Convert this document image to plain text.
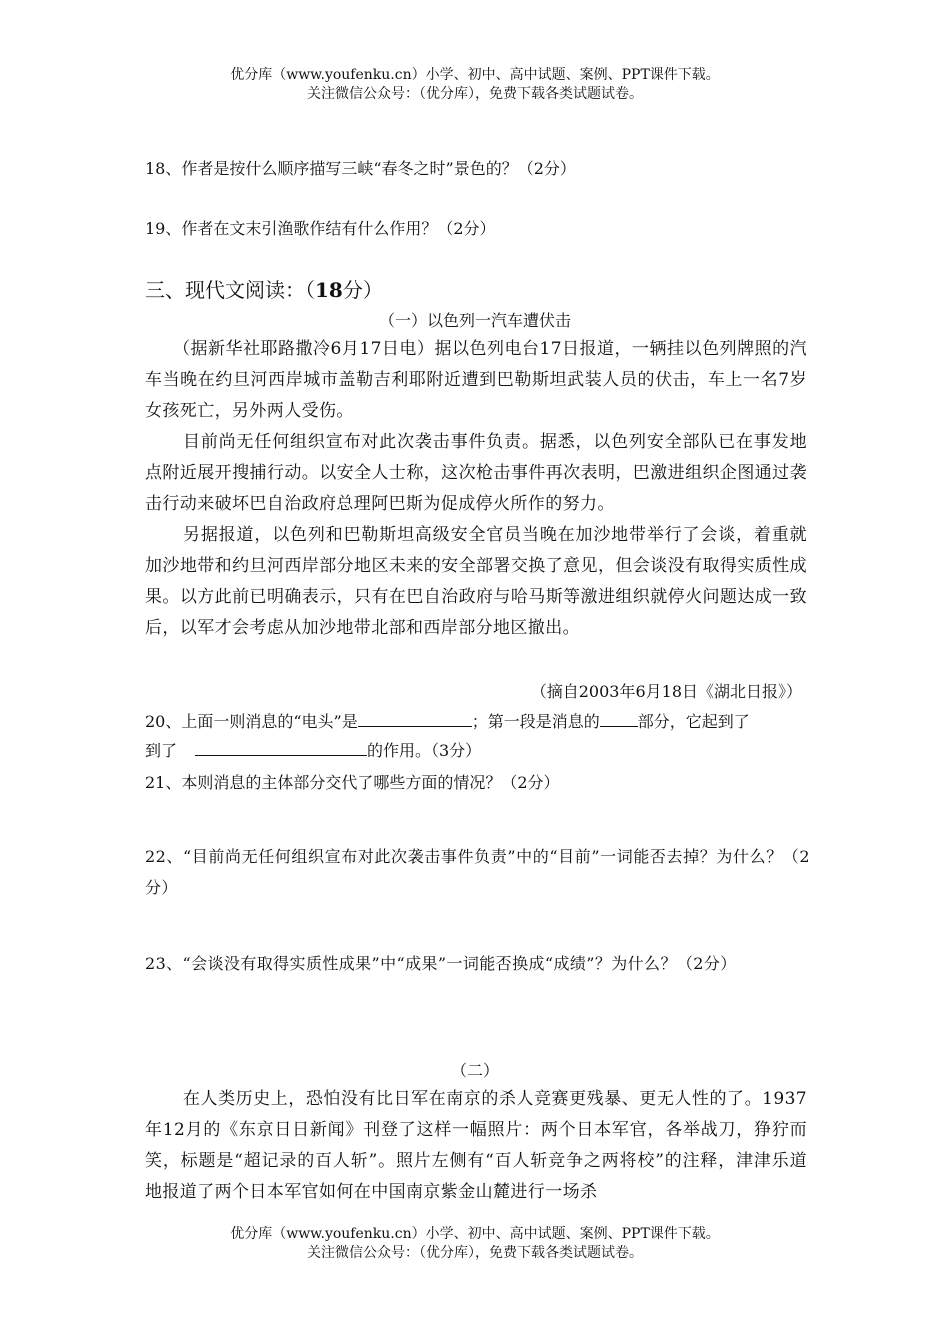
优分库（www.youfenku.cn）小学、初中、高中试题、案例、PPT课件下载。
关注微信公众号：（优分库），免费下载各类试题试卷。
18、作者是按什么顺序描写三峡“春冬之时”景色的？（2分）
19、作者在文末引渔歌作结有什么作用？（2分）
三、现代文阅读：（18分）
（一）以色列一汽车遭伏击
（据新华社耶路撒冷6月17日电）据以色列电台17日报道，一辆挂以色列牌照的汽车当晚在约旦河西岸城市盖勒吉利耶附近遭到巴勒斯坦武装人员的伏击，车上一名7岁女孩死亡，另外两人受伤。
目前尚无任何组织宣布对此次袭击事件负责。据悉，以色列安全部队已在事发地点附近展开搜捕行动。以安全人士称，这次枪击事件再次表明，巴激进组织企图通过袭击行动来破坏巴自治政府总理阿巴斯为促成停火所作的努力。
另据报道，以色列和巴勒斯坦高级安全官员当晚在加沙地带举行了会谈，着重就加沙地带和约旦河西岸部分地区未来的安全部署交换了意见，但会谈没有取得实质性成果。以方此前已明确表示，只有在巴自治政府与哈马斯等激进组织就停火问题达成一致后，以军才会考虑从加沙地带北部和西岸部分地区撤出。
（摘自2003年6月18日《湖北日报》）
20、上面一则消息的“电头”是	；第一段是消息的 部分，它起到了
的作用。（3分）
到了
21、本则消息的主体部分交代了哪些方面的情况？（2分）
22、“目前尚无任何组织宣布对此次袭击事件负责”中的“目前”一词能否去掉？为什么？（2分）
23、“会谈没有取得实质性成果”中“成果”一词能否换成“成绩”？为什么？（2分）
（二）
在人类历史上，恐怕没有比日军在南京的杀人竞赛更残暴、更无人性的了。1937年12月的《东京日日新闻》刊登了这样一幅照片：两个日本军官，各举战刀，狰狞而笑，标题是“超记录的百人斩”。照片左侧有“百人斩竞争之两将校”的注释，津津乐道地报道了两个日本军官如何在中国南京紫金山麓进行一场杀
优分库（www.youfenku.cn）小学、初中、高中试题、案例、PPT课件下载。
关注微信公众号：（优分库），免费下载各类试题试卷。
